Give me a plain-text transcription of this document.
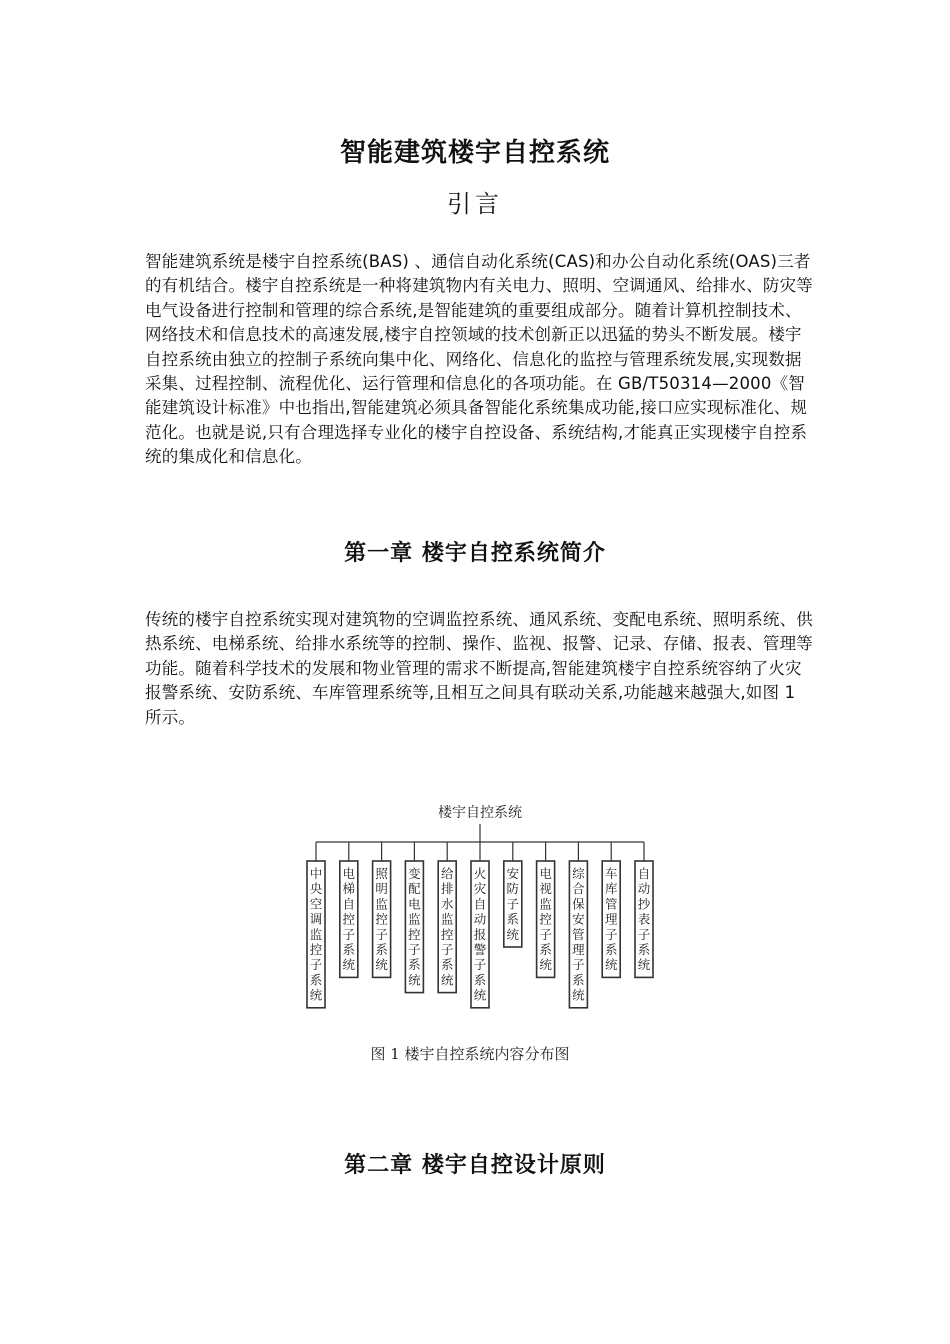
智能建筑楼宇自控系统
引言

智能建筑系统是楼宇自控系统(BAS) 、通信自动化系统(CAS)和办公自动化系统(OAS)三者的有机结合。楼宇自控系统是一种将建筑物内有关电力、照明、空调通风、给排水、防灾等电气设备进行控制和管理的综合系统,是智能建筑的重要组成部分。随着计算机控制技术、网络技术和信息技术的高速发展,楼宇自控领域的技术创新正以迅猛的势头不断发展。楼宇自控系统由独立的控制子系统向集中化、网络化、信息化的监控与管理系统发展,实现数据采集、过程控制、流程优化、运行管理和信息化的各项功能。在 GB/T50314—2000《智能建筑设计标准》中也指出,智能建筑必须具备智能化系统集成功能,接口应实现标准化、规范化。也就是说,只有合理选择专业化的楼宇自控设备、系统结构,才能真正实现楼宇自控系统的集成化和信息化。

第一章 楼宇自控系统简介

传统的楼宇自控系统实现对建筑物的空调监控系统、通风系统、变配电系统、照明系统、供热系统、电梯系统、给排水系统等的控制、操作、监视、报警、记录、存储、报表、管理等功能。随着科学技术的发展和物业管理的需求不断提高,智能建筑楼宇自控系统容纳了火灾报警系统、安防系统、车库管理系统等,且相互之间具有联动关系,功能越来越强大,如图 1 所示。

楼宇自控系统
中央空调监控子系统
电梯自控子系统
照明监控子系统
变配电监控子系统
给排水监控子系统
火灾自动报警子系统
安防子系统
电视监控子系统
综合保安管理子系统
车库管理子系统
自动抄表子系统
图 1 楼宇自控系统内容分布图
第二章 楼宇自控设计原则
